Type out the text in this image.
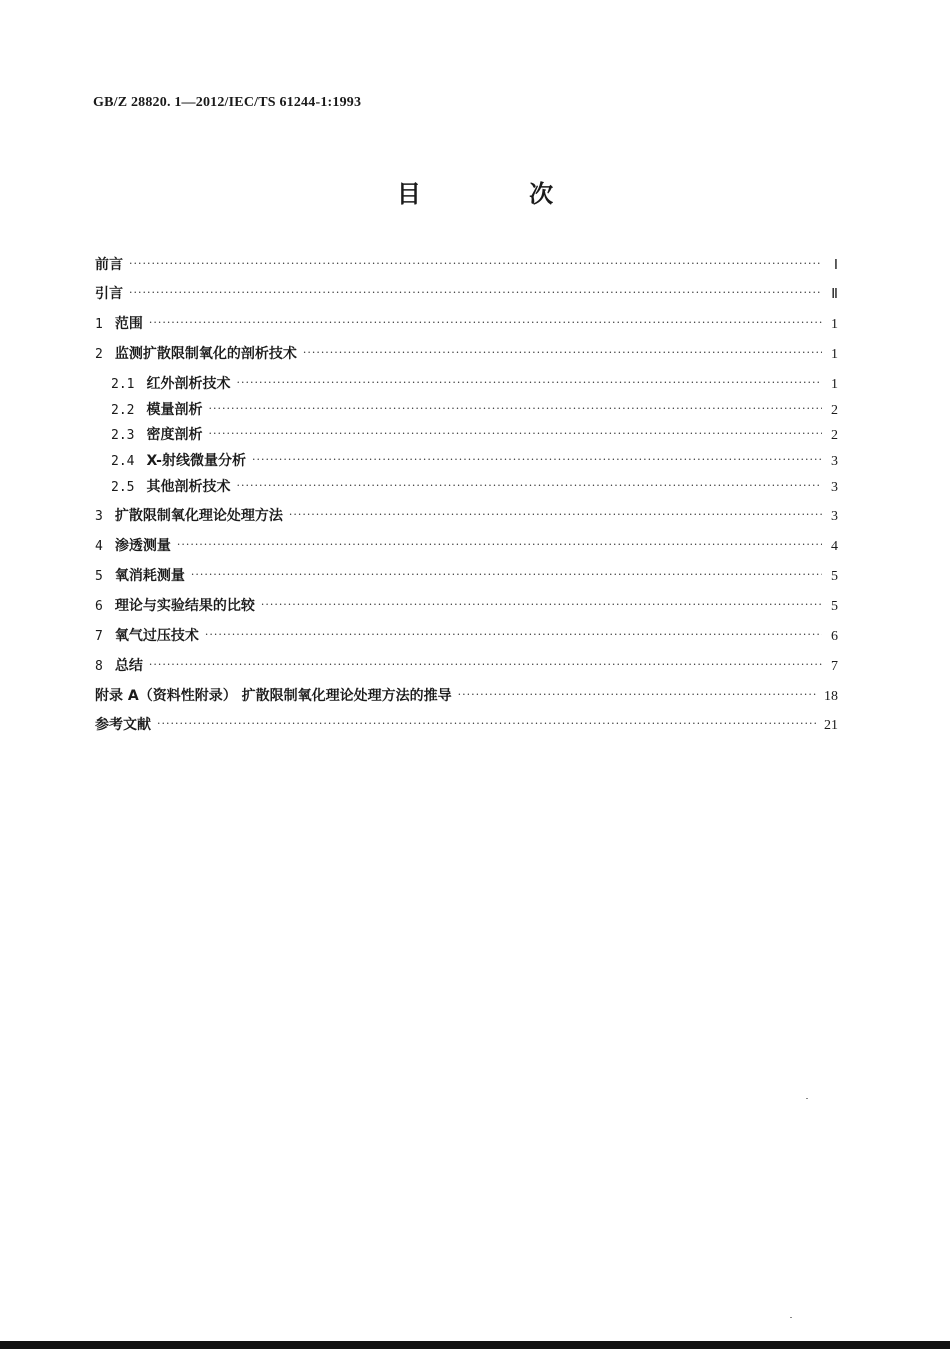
GB/Z 28820. 1—2012/IEC/TS 61244-1:1993
目 次
前言 ·····	Ⅰ
引言 ·····	Ⅱ
1 范围 ·····	1
2 监测扩散限制氧化的剖析技术 ·····	1
2.1 红外剖析技术 ·····	1
2.2 模量剖析 ·····	2
2.3 密度剖析 ·····	2
2.4 X-射线微量分析 ·····	3
2.5 其他剖析技术 ·····	3
3 扩散限制氧化理论处理方法 ·····	3
4 渗透测量 ·····	4
5 氧消耗测量 ·····	5
6 理论与实验结果的比较 ·····	5
7 氧气过压技术 ·····	6
8 总结 ·····	7
附录 A（资料性附录） 扩散限制氧化理论处理方法的推导 ·····	18
参考文献 ·····	21
